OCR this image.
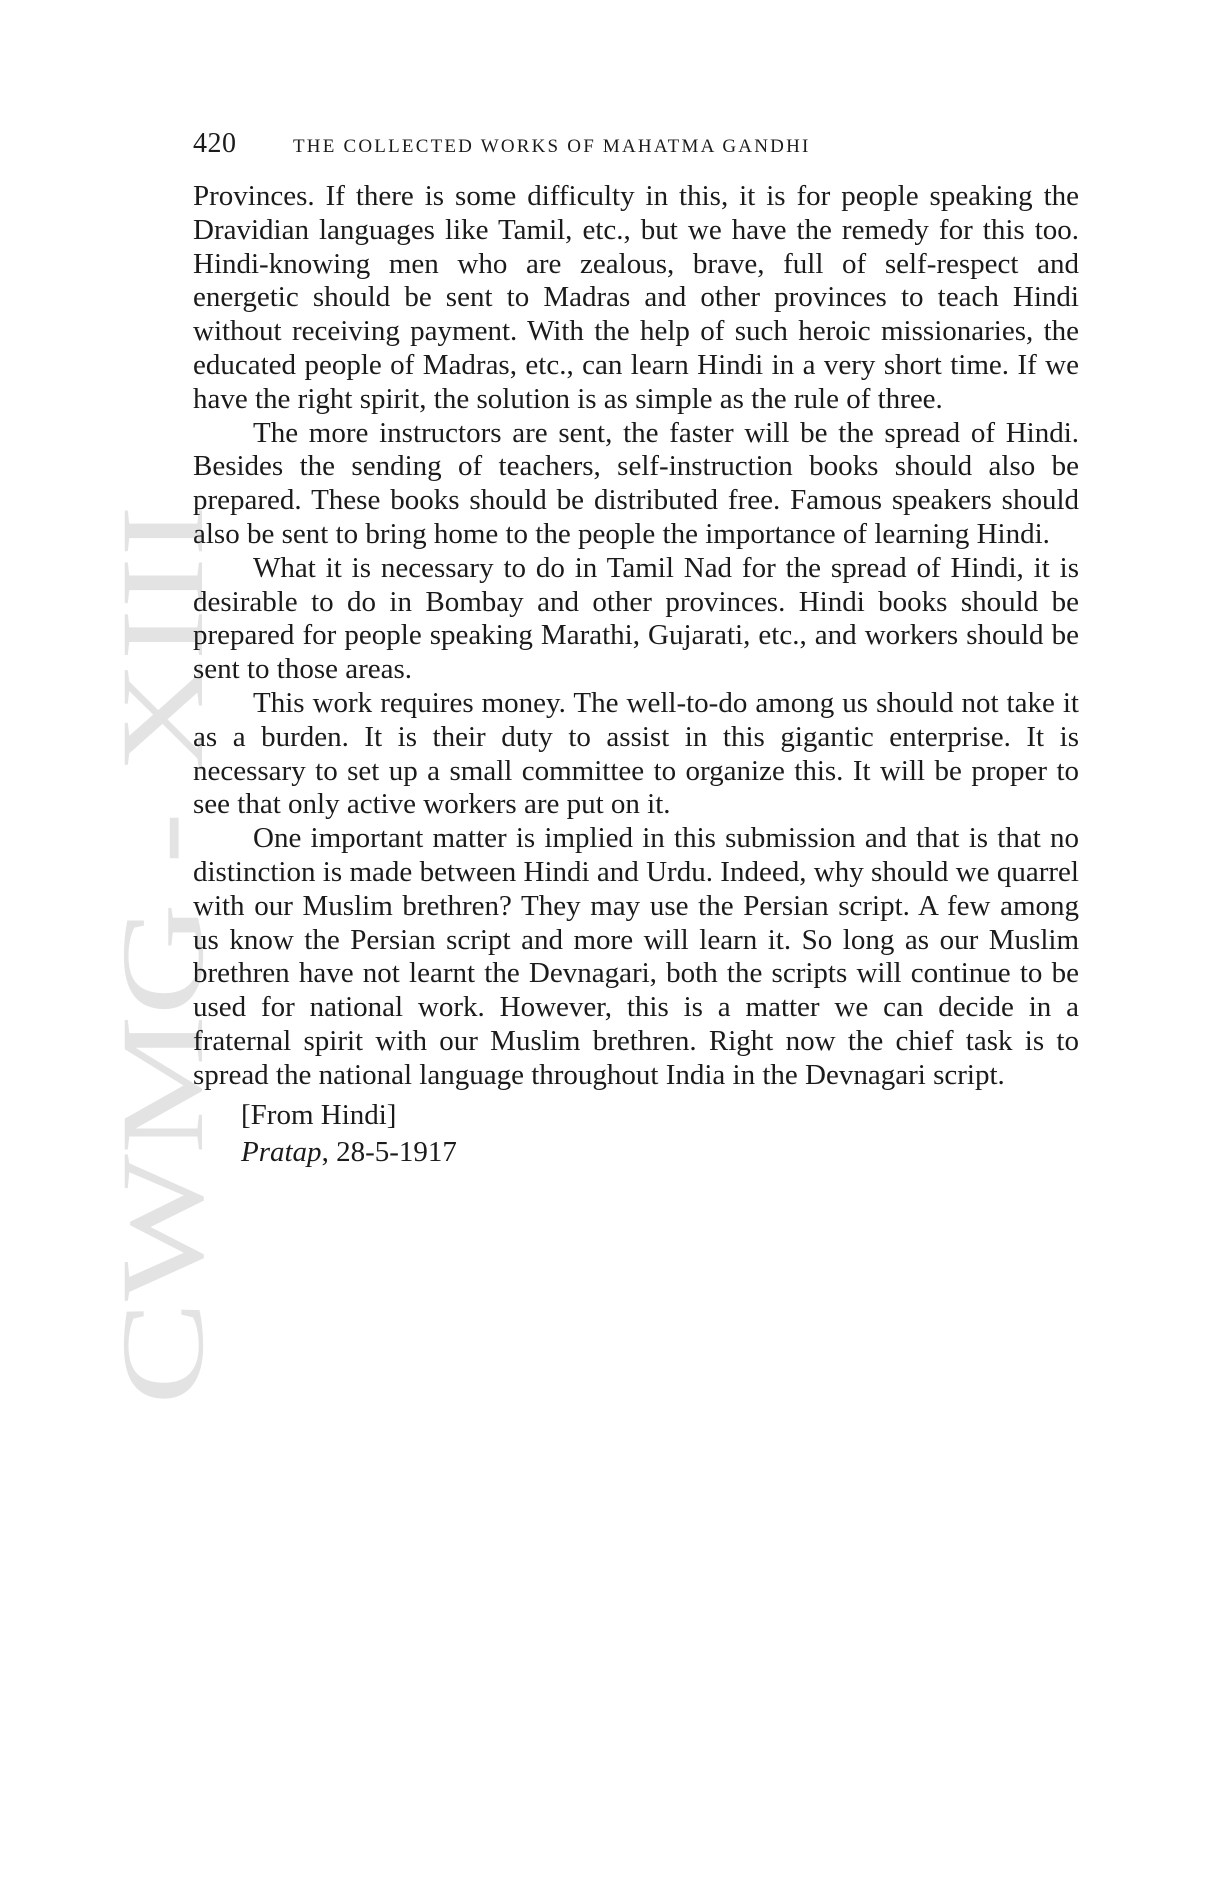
CWMG - XIII
420	THE COLLECTED WORKS OF MAHATMA GANDHI

Provinces. If there is some difficulty in this, it is for people speaking the Dravidian languages like Tamil, etc., but we have the remedy for this too. Hindi-knowing men who are zealous, brave, full of self-respect and energetic should be sent to Madras and other provinces to teach Hindi without receiving payment. With the help of such heroic missionaries, the educated people of Madras, etc., can learn Hindi in a very short time. If we have the right spirit, the solution is as simple as the rule of three.

The more instructors are sent, the faster will be the spread of Hindi. Besides the sending of teachers, self-instruction books should also be prepared. These books should be distributed free. Famous speakers should also be sent to bring home to the people the importance of learning Hindi.

What it is necessary to do in Tamil Nad for the spread of Hindi, it is desirable to do in Bombay and other provinces. Hindi books should be prepared for people speaking Marathi, Gujarati, etc., and workers should be sent to those areas.

This work requires money. The well-to-do among us should not take it as a burden. It is their duty to assist in this gigantic enterprise. It is necessary to set up a small committee to organize this. It will be proper to see that only active workers are put on it.

One important matter is implied in this submission and that is that no distinction is made between Hindi and Urdu. Indeed, why should we quarrel with our Muslim brethren? They may use the Persian script. A few among us know the Persian script and more will learn it. So long as our Muslim brethren have not learnt the Devnagari, both the scripts will continue to be used for national work. However, this is a matter we can decide in a fraternal spirit with our Muslim brethren. Right now the chief task is to spread the national language throughout India in the Devnagari script.

[From Hindi]
Pratap, 28-5-1917
